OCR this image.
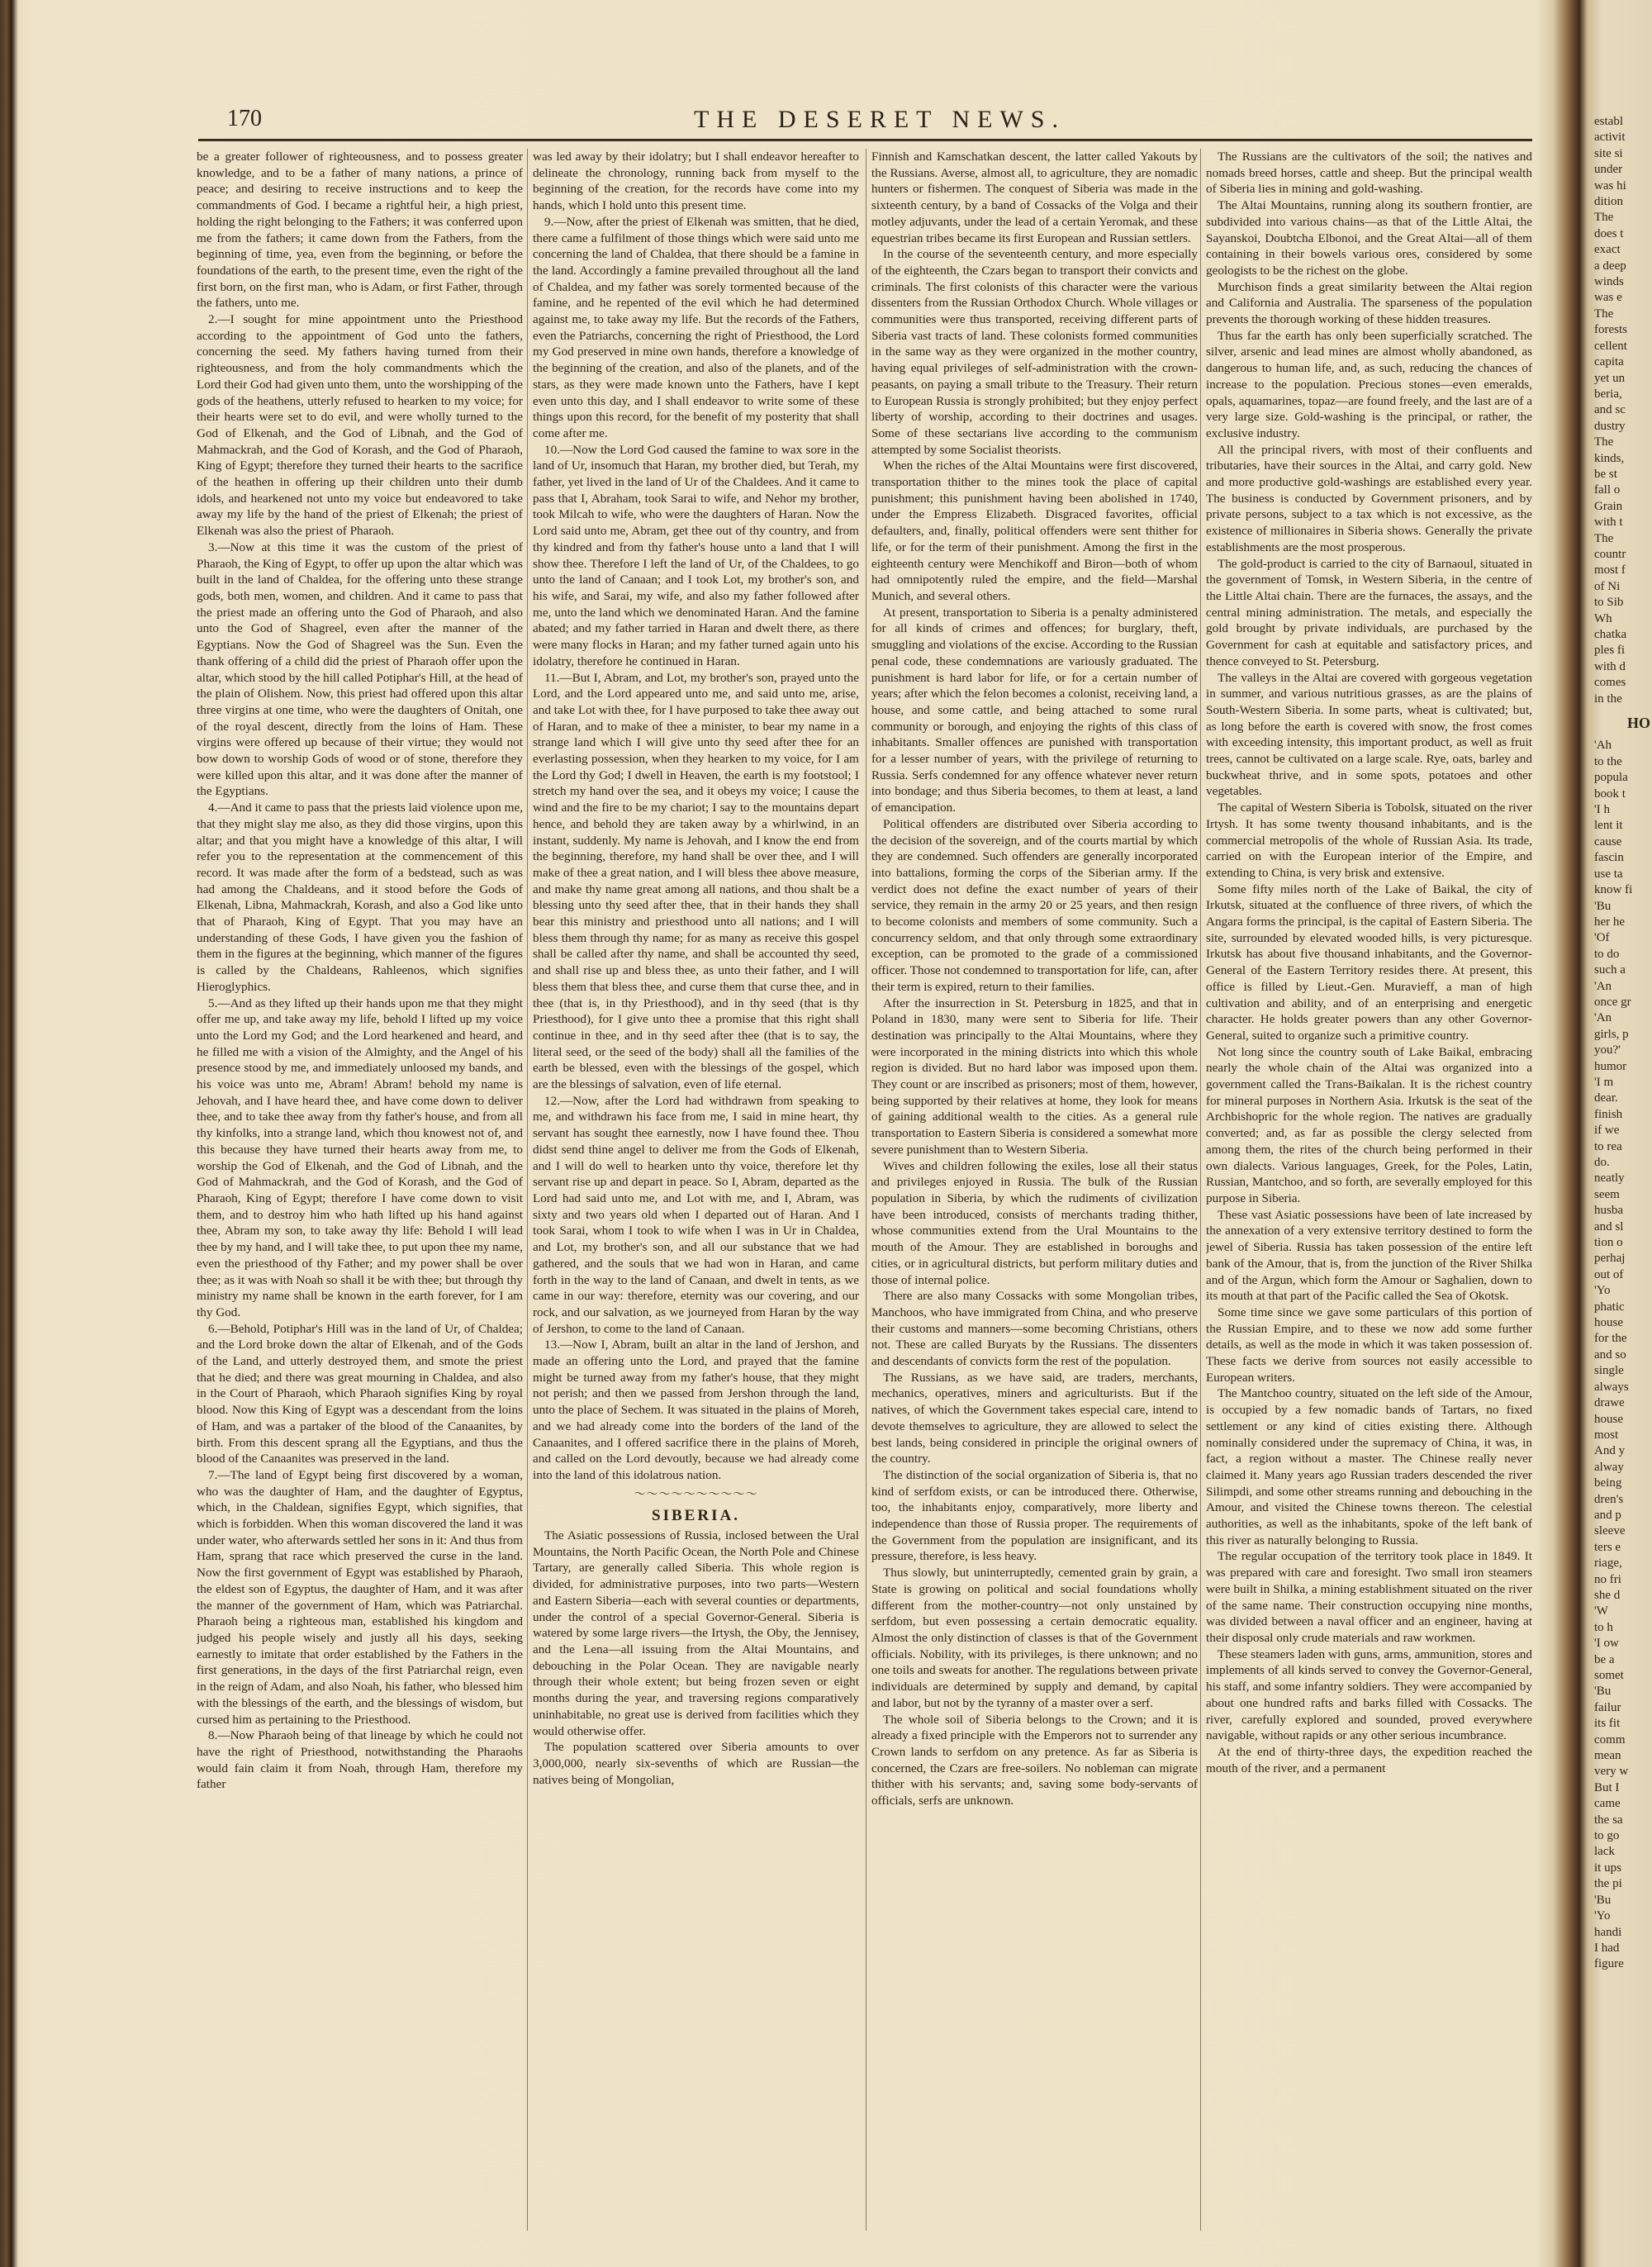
170	THE DESERET NEWS.

be a greater follower of righteousness, and to possess greater knowledge, and to be a father of many nations, a prince of peace; and desiring to receive instructions and to keep the commandments of God. I became a rightful heir, a high priest, holding the right belonging to the Fathers; it was conferred upon me from the fathers; it came down from the Fathers, from the beginning of time, yea, even from the beginning, or before the foundations of the earth, to the present time, even the right of the first born, on the first man, who is Adam, or first Father, through the fathers, unto me.

2.—I sought for mine appointment unto the Priesthood according to the appointment of God unto the fathers, concerning the seed. My fathers having turned from their righteousness, and from the holy commandments which the Lord their God had given unto them, unto the worshipping of the gods of the heathens, utterly refused to hearken to my voice; for their hearts were set to do evil, and were wholly turned to the God of Elkenah, and the God of Libnah, and the God of Mahmackrah, and the God of Korash, and the God of Pharaoh, King of Egypt; therefore they turned their hearts to the sacrifice of the heathen in offering up their children unto their dumb idols, and hearkened not unto my voice but endeavored to take away my life by the hand of the priest of Elkenah; the priest of Elkenah was also the priest of Pharaoh.

3.—Now at this time it was the custom of the priest of Pharaoh, the King of Egypt, to offer up upon the altar which was built in the land of Chaldea, for the offering unto these strange gods, both men, women, and children. And it came to pass that the priest made an offering unto the God of Pharaoh, and also unto the God of Shagreel, even after the manner of the Egyptians. Now the God of Shagreel was the Sun. Even the thank offering of a child did the priest of Pharaoh offer upon the altar, which stood by the hill called Potiphar's Hill, at the head of the plain of Olishem. Now, this priest had offered upon this altar three virgins at one time, who were the daughters of Onitah, one of the royal descent, directly from the loins of Ham. These virgins were offered up because of their virtue; they would not bow down to worship Gods of wood or of stone, therefore they were killed upon this altar, and it was done after the manner of the Egyptians.

4.—And it came to pass that the priests laid violence upon me, that they might slay me also, as they did those virgins, upon this altar; and that you might have a knowledge of this altar, I will refer you to the representation at the commencement of this record. It was made after the form of a bedstead, such as was had among the Chaldeans, and it stood before the Gods of Elkenah, Libna, Mahmackrah, Korash, and also a God like unto that of Pharaoh, King of Egypt. That you may have an understanding of these Gods, I have given you the fashion of them in the figures at the beginning, which manner of the figures is called by the Chaldeans, Rahleenos, which signifies Hieroglyphics.

5.—And as they lifted up their hands upon me that they might offer me up, and take away my life, behold I lifted up my voice unto the Lord my God; and the Lord hearkened and heard, and he filled me with a vision of the Almighty, and the Angel of his presence stood by me, and immediately unloosed my bands, and his voice was unto me, Abram! Abram! behold my name is Jehovah, and I have heard thee, and have come down to deliver thee, and to take thee away from thy father's house, and from all thy kinfolks, into a strange land, which thou knowest not of, and this because they have turned their hearts away from me, to worship the God of Elkenah, and the God of Libnah, and the God of Mahmackrah, and the God of Korash, and the God of Pharaoh, King of Egypt; therefore I have come down to visit them, and to destroy him who hath lifted up his hand against thee, Abram my son, to take away thy life: Behold I will lead thee by my hand, and I will take thee, to put upon thee my name, even the priesthood of thy Father; and my power shall be over thee; as it was with Noah so shall it be with thee; but through thy ministry my name shall be known in the earth forever, for I am thy God.

6.—Behold, Potiphar's Hill was in the land of Ur, of Chaldea; and the Lord broke down the altar of Elkenah, and of the Gods of the Land, and utterly destroyed them, and smote the priest that he died; and there was great mourning in Chaldea, and also in the Court of Pharaoh, which Pharaoh signifies King by royal blood. Now this King of Egypt was a descendant from the loins of Ham, and was a partaker of the blood of the Canaanites, by birth. From this descent sprang all the Egyptians, and thus the blood of the Canaanites was preserved in the land.

7.—The land of Egypt being first discovered by a woman, who was the daughter of Ham, and the daughter of Egyptus, which, in the Chaldean, signifies Egypt, which signifies, that which is forbidden. When this woman discovered the land it was under water, who afterwards settled her sons in it: And thus from Ham, sprang that race which preserved the curse in the land. Now the first government of Egypt was established by Pharaoh, the eldest son of Egyptus, the daughter of Ham, and it was after the manner of the government of Ham, which was Patriarchal. Pharaoh being a righteous man, established his kingdom and judged his people wisely and justly all his days, seeking earnestly to imitate that order established by the Fathers in the first generations, in the days of the first Patriarchal reign, even in the reign of Adam, and also Noah, his father, who blessed him with the blessings of the earth, and the blessings of wisdom, but cursed him as pertaining to the Priesthood.

8.—Now Pharaoh being of that lineage by which he could not have the right of Priesthood, notwithstanding the Pharaohs would fain claim it from Noah, through Ham, therefore my father

was led away by their idolatry; but I shall endeavor hereafter to delineate the chronology, running back from myself to the beginning of the creation, for the records have come into my hands, which I hold unto this present time.

9.—Now, after the priest of Elkenah was smitten, that he died, there came a fulfilment of those things which were said unto me concerning the land of Chaldea, that there should be a famine in the land. Accordingly a famine prevailed throughout all the land of Chaldea, and my father was sorely tormented because of the famine, and he repented of the evil which he had determined against me, to take away my life. But the records of the Fathers, even the Patriarchs, concerning the right of Priesthood, the Lord my God preserved in mine own hands, therefore a knowledge of the beginning of the creation, and also of the planets, and of the stars, as they were made known unto the Fathers, have I kept even unto this day, and I shall endeavor to write some of these things upon this record, for the benefit of my posterity that shall come after me.

10.—Now the Lord God caused the famine to wax sore in the land of Ur, insomuch that Haran, my brother died, but Terah, my father, yet lived in the land of Ur of the Chaldees. And it came to pass that I, Abraham, took Sarai to wife, and Nehor my brother, took Milcah to wife, who were the daughters of Haran. Now the Lord said unto me, Abram, get thee out of thy country, and from thy kindred and from thy father's house unto a land that I will show thee. Therefore I left the land of Ur, of the Chaldees, to go unto the land of Canaan; and I took Lot, my brother's son, and his wife, and Sarai, my wife, and also my father followed after me, unto the land which we denominated Haran. And the famine abated; and my father tarried in Haran and dwelt there, as there were many flocks in Haran; and my father turned again unto his idolatry, therefore he continued in Haran.

11.—But I, Abram, and Lot, my brother's son, prayed unto the Lord, and the Lord appeared unto me, and said unto me, arise, and take Lot with thee, for I have purposed to take thee away out of Haran, and to make of thee a minister, to bear my name in a strange land which I will give unto thy seed after thee for an everlasting possession, when they hearken to my voice, for I am the Lord thy God; I dwell in Heaven, the earth is my footstool; I stretch my hand over the sea, and it obeys my voice; I cause the wind and the fire to be my chariot; I say to the mountains depart hence, and behold they are taken away by a whirlwind, in an instant, suddenly. My name is Jehovah, and I know the end from the beginning, therefore, my hand shall be over thee, and I will make of thee a great nation, and I will bless thee above measure, and make thy name great among all nations, and thou shalt be a blessing unto thy seed after thee, that in their hands they shall bear this ministry and priesthood unto all nations; and I will bless them through thy name; for as many as receive this gospel shall be called after thy name, and shall be accounted thy seed, and shall rise up and bless thee, as unto their father, and I will bless them that bless thee, and curse them that curse thee, and in thee (that is, in thy Priesthood), and in thy seed (that is thy Priesthood), for I give unto thee a promise that this right shall continue in thee, and in thy seed after thee (that is to say, the literal seed, or the seed of the body) shall all the families of the earth be blessed, even with the blessings of the gospel, which are the blessings of salvation, even of life eternal.

12.—Now, after the Lord had withdrawn from speaking to me, and withdrawn his face from me, I said in mine heart, thy servant has sought thee earnestly, now I have found thee. Thou didst send thine angel to deliver me from the Gods of Elkenah, and I will do well to hearken unto thy voice, therefore let thy servant rise up and depart in peace. So I, Abram, departed as the Lord had said unto me, and Lot with me, and I, Abram, was sixty and two years old when I departed out of Haran. And I took Sarai, whom I took to wife when I was in Ur in Chaldea, and Lot, my brother's son, and all our substance that we had gathered, and the souls that we had won in Haran, and came forth in the way to the land of Canaan, and dwelt in tents, as we came in our way: therefore, eternity was our covering, and our rock, and our salvation, as we journeyed from Haran by the way of Jershon, to come to the land of Canaan.

13.—Now I, Abram, built an altar in the land of Jershon, and made an offering unto the Lord, and prayed that the famine might be turned away from my father's house, that they might not perish; and then we passed from Jershon through the land, unto the place of Sechem. It was situated in the plains of Moreh, and we had already come into the borders of the land of the Canaanites, and I offered sacrifice there in the plains of Moreh, and called on the Lord devoutly, because we had already come into the land of this idolatrous nation.

～～～～～～～～～～
SIBERIA.

The Asiatic possessions of Russia, inclosed between the Ural Mountains, the North Pacific Ocean, the North Pole and Chinese Tartary, are generally called Siberia. This whole region is divided, for administrative purposes, into two parts—Western and Eastern Siberia—each with several counties or departments, under the control of a special Governor-General. Siberia is watered by some large rivers—the Irtysh, the Oby, the Jennisey, and the Lena—all issuing from the Altai Mountains, and debouching in the Polar Ocean. They are navigable nearly through their whole extent; but being frozen seven or eight months during the year, and traversing regions comparatively uninhabitable, no great use is derived from facilities which they would otherwise offer.

The population scattered over Siberia amounts to over 3,000,000, nearly six-sevenths of which are Russian—the natives being of Mongolian,

Finnish and Kamschatkan descent, the latter called Yakouts by the Russians. Averse, almost all, to agriculture, they are nomadic hunters or fishermen. The conquest of Siberia was made in the sixteenth century, by a band of Cossacks of the Volga and their motley adjuvants, under the lead of a certain Yeromak, and these equestrian tribes became its first European and Russian settlers.

In the course of the seventeenth century, and more especially of the eighteenth, the Czars began to transport their convicts and criminals. The first colonists of this character were the various dissenters from the Russian Orthodox Church. Whole villages or communities were thus transported, receiving different parts of Siberia vast tracts of land. These colonists formed communities in the same way as they were organized in the mother country, having equal privileges of self-administration with the crown-peasants, on paying a small tribute to the Treasury. Their return to European Russia is strongly prohibited; but they enjoy perfect liberty of worship, according to their doctrines and usages. Some of these sectarians live according to the communism attempted by some Socialist theorists.

When the riches of the Altai Mountains were first discovered, transportation thither to the mines took the place of capital punishment; this punishment having been abolished in 1740, under the Empress Elizabeth. Disgraced favorites, official defaulters, and, finally, political offenders were sent thither for life, or for the term of their punishment. Among the first in the eighteenth century were Menchikoff and Biron—both of whom had omnipotently ruled the empire, and the field—Marshal Munich, and several others.

At present, transportation to Siberia is a penalty administered for all kinds of crimes and offences; for burglary, theft, smuggling and violations of the excise. According to the Russian penal code, these condemnations are variously graduated. The punishment is hard labor for life, or for a certain number of years; after which the felon becomes a colonist, receiving land, a house, and some cattle, and being attached to some rural community or borough, and enjoying the rights of this class of inhabitants. Smaller offences are punished with transportation for a lesser number of years, with the privilege of returning to Russia. Serfs condemned for any offence whatever never return into bondage; and thus Siberia becomes, to them at least, a land of emancipation.

Political offenders are distributed over Siberia according to the decision of the sovereign, and of the courts martial by which they are condemned. Such offenders are generally incorporated into battalions, forming the corps of the Siberian army. If the verdict does not define the exact number of years of their service, they remain in the army 20 or 25 years, and then resign to become colonists and members of some community. Such a concurrency seldom, and that only through some extraordinary exception, can be promoted to the grade of a commissioned officer. Those not condemned to transportation for life, can, after their term is expired, return to their families.

After the insurrection in St. Petersburg in 1825, and that in Poland in 1830, many were sent to Siberia for life. Their destination was principally to the Altai Mountains, where they were incorporated in the mining districts into which this whole region is divided. But no hard labor was imposed upon them. They count or are inscribed as prisoners; most of them, however, being supported by their relatives at home, they look for means of gaining additional wealth to the cities. As a general rule transportation to Eastern Siberia is considered a somewhat more severe punishment than to Western Siberia.

Wives and children following the exiles, lose all their status and privileges enjoyed in Russia. The bulk of the Russian population in Siberia, by which the rudiments of civilization have been introduced, consists of merchants trading thither, whose communities extend from the Ural Mountains to the mouth of the Amour. They are established in boroughs and cities, or in agricultural districts, but perform military duties and those of internal police.

There are also many Cossacks with some Mongolian tribes, Manchoos, who have immigrated from China, and who preserve their customs and manners—some becoming Christians, others not. These are called Buryats by the Russians. The dissenters and descendants of convicts form the rest of the population.

The Russians, as we have said, are traders, merchants, mechanics, operatives, miners and agriculturists. But if the natives, of which the Government takes especial care, intend to devote themselves to agriculture, they are allowed to select the best lands, being considered in principle the original owners of the country.

The distinction of the social organization of Siberia is, that no kind of serfdom exists, or can be introduced there. Otherwise, too, the inhabitants enjoy, comparatively, more liberty and independence than those of Russia proper. The requirements of the Government from the population are insignificant, and its pressure, therefore, is less heavy.

Thus slowly, but uninterruptedly, cemented grain by grain, a State is growing on political and social foundations wholly different from the mother-country—not only unstained by serfdom, but even possessing a certain democratic equality. Almost the only distinction of classes is that of the Government officials. Nobility, with its privileges, is there unknown; and no one toils and sweats for another. The regulations between private individuals are determined by supply and demand, by capital and labor, but not by the tyranny of a master over a serf.

The whole soil of Siberia belongs to the Crown; and it is already a fixed principle with the Emperors not to surrender any Crown lands to serfdom on any pretence. As far as Siberia is concerned, the Czars are free-soilers. No nobleman can migrate thither with his servants; and, saving some body-servants of officials, serfs are unknown.

The Russians are the cultivators of the soil; the natives and nomads breed horses, cattle and sheep. But the principal wealth of Siberia lies in mining and gold-washing.

The Altai Mountains, running along its southern frontier, are subdivided into various chains—as that of the Little Altai, the Sayanskoi, Doubtcha Elbonoi, and the Great Altai—all of them containing in their bowels various ores, considered by some geologists to be the richest on the globe.

Murchison finds a great similarity between the Altai region and California and Australia. The sparseness of the population prevents the thorough working of these hidden treasures.

Thus far the earth has only been superficially scratched. The silver, arsenic and lead mines are almost wholly abandoned, as dangerous to human life, and, as such, reducing the chances of increase to the population. Precious stones—even emeralds, opals, aquamarines, topaz—are found freely, and the last are of a very large size. Gold-washing is the principal, or rather, the exclusive industry.

All the principal rivers, with most of their confluents and tributaries, have their sources in the Altai, and carry gold. New and more productive gold-washings are established every year. The business is conducted by Government prisoners, and by private persons, subject to a tax which is not excessive, as the existence of millionaires in Siberia shows. Generally the private establishments are the most prosperous.

The gold-product is carried to the city of Barnaoul, situated in the government of Tomsk, in Western Siberia, in the centre of the Little Altai chain. There are the furnaces, the assays, and the central mining administration. The metals, and especially the gold brought by private individuals, are purchased by the Government for cash at equitable and satisfactory prices, and thence conveyed to St. Petersburg.

The valleys in the Altai are covered with gorgeous vegetation in summer, and various nutritious grasses, as are the plains of South-Western Siberia. In some parts, wheat is cultivated; but, as long before the earth is covered with snow, the frost comes with exceeding intensity, this important product, as well as fruit trees, cannot be cultivated on a large scale. Rye, oats, barley and buckwheat thrive, and in some spots, potatoes and other vegetables.

The capital of Western Siberia is Tobolsk, situated on the river Irtysh. It has some twenty thousand inhabitants, and is the commercial metropolis of the whole of Russian Asia. Its trade, carried on with the European interior of the Empire, and extending to China, is very brisk and extensive.

Some fifty miles north of the Lake of Baikal, the city of Irkutsk, situated at the confluence of three rivers, of which the Angara forms the principal, is the capital of Eastern Siberia. The site, surrounded by elevated wooded hills, is very picturesque. Irkutsk has about five thousand inhabitants, and the Governor-General of the Eastern Territory resides there. At present, this office is filled by Lieut.-Gen. Muravieff, a man of high cultivation and ability, and of an enterprising and energetic character. He holds greater powers than any other Governor-General, suited to organize such a primitive country.

Not long since the country south of Lake Baikal, embracing nearly the whole chain of the Altai was organized into a government called the Trans-Baikalan. It is the richest country for mineral purposes in Northern Asia. Irkutsk is the seat of the Archbishopric for the whole region. The natives are gradually converted; and, as far as possible the clergy selected from among them, the rites of the church being performed in their own dialects. Various languages, Greek, for the Poles, Latin, Russian, Mantchoo, and so forth, are severally employed for this purpose in Siberia.

These vast Asiatic possessions have been of late increased by the annexation of a very extensive territory destined to form the jewel of Siberia. Russia has taken possession of the entire left bank of the Amour, that is, from the junction of the River Shilka and of the Argun, which form the Amour or Saghalien, down to its mouth at that part of the Pacific called the Sea of Okotsk.

Some time since we gave some particulars of this portion of the Russian Empire, and to these we now add some further details, as well as the mode in which it was taken possession of. These facts we derive from sources not easily accessible to European writers.

The Mantchoo country, situated on the left side of the Amour, is occupied by a few nomadic bands of Tartars, no fixed settlement or any kind of cities existing there. Although nominally considered under the supremacy of China, it was, in fact, a region without a master. The Chinese really never claimed it. Many years ago Russian traders descended the river Silimpdi, and some other streams running and debouching in the Amour, and visited the Chinese towns thereon. The celestial authorities, as well as the inhabitants, spoke of the left bank of this river as naturally belonging to Russia.

The regular occupation of the territory took place in 1849. It was prepared with care and foresight. Two small iron steamers were built in Shilka, a mining establishment situated on the river of the same name. Their construction occupying nine months, was divided between a naval officer and an engineer, having at their disposal only crude materials and raw workmen.

These steamers laden with guns, arms, ammunition, stores and implements of all kinds served to convey the Governor-General, his staff, and some infantry soldiers. They were accompanied by about one hundred rafts and barks filled with Cossacks. The river, carefully explored and sounded, proved everywhere navigable, without rapids or any other serious incumbrance.

At the end of thirty-three days, the expedition reached the mouth of the river, and a permanent

establ
activit
site si
under
was hi
dition
The
does t
exact
a deep
winds
was e
The
forests
cellent
capita
yet un
beria,
and sc
dustry
The
kinds,
be st
fall o
Grain
with t
The
countr
most f
of Ni
to Sib
Wh
chatka
ples fi
with d
comes
in the
HO
'Ah
to the
popula
book t
'I h
lent it
cause
fascin
use ta
know fi
'Bu
her he
'Of
to do
such a
'An
once gr
'An
girls, p
you?'
humor
'I m
dear.
finish
if we
to rea
do.
neatly
seem
husba
and sl
tion o
perhaj
out of
'Yo
phatic
house
for the
and so
single
always
drawe
house
most
And y
alway
being
dren's
and p
sleeve
ters e
riage,
no fri
she d
'W
to h
'I ow
be a
somet
'Bu
failur
its fit
comm
mean
very w
But I
came
the sa
to go
lack
it ups
the pi
'Bu
'Yo
handi
I had
figure
